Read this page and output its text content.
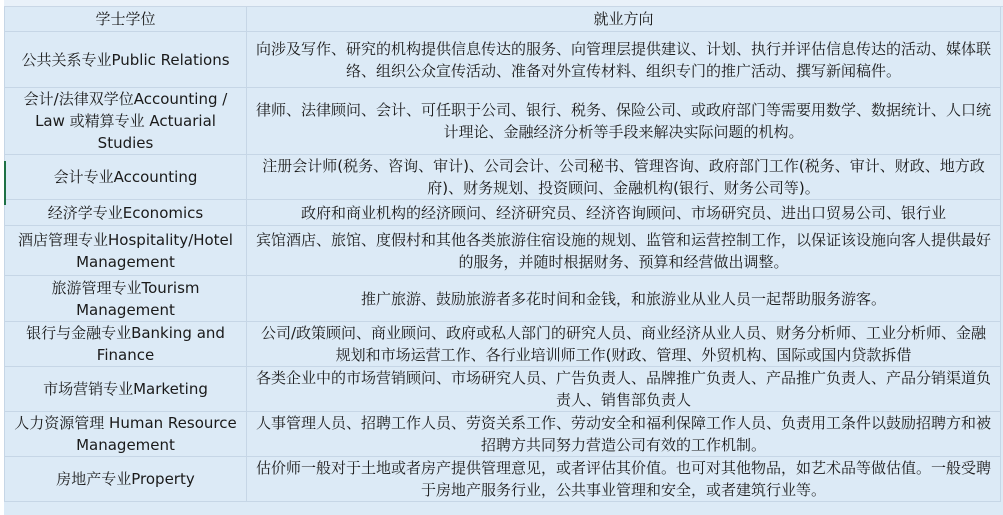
学士学位	就业方向
公共关系专业Public Relations	向涉及写作、研究的机构提供信息传达的服务、向管理层提供建议、计划、执行并评估信息传达的活动、媒体联络、组织公众宣传活动、准备对外宣传材料、组织专门的推广活动、撰写新闻稿件。
会计/法律双学位Accounting / Law 或精算专业 Actuarial Studies	律师、法律顾问、会计、可任职于公司、银行、税务、保险公司、或政府部门等需要用数学、数据统计、人口统计理论、金融经济分析等手段来解决实际问题的机构。
会计专业Accounting	注册会计师(税务、咨询、审计)、公司会计、公司秘书、管理咨询、政府部门工作(税务、审计、财政、地方政府)、财务规划、投资顾问、金融机构(银行、财务公司等)。
经济学专业Economics	政府和商业机构的经济顾问、经济研究员、经济咨询顾问、市场研究员、进出口贸易公司、银行业
酒店管理专业Hospitality/Hotel Management	宾馆酒店、旅馆、度假村和其他各类旅游住宿设施的规划、监管和运营控制工作，以保证该设施向客人提供最好的服务，并随时根据财务、预算和经营做出调整。
旅游管理专业Tourism Management	推广旅游、鼓励旅游者多花时间和金钱，和旅游业从业人员一起帮助服务游客。
银行与金融专业Banking and Finance	公司/政策顾问、商业顾问、政府或私人部门的研究人员、商业经济从业人员、财务分析师、工业分析师、金融规划和市场运营工作、各行业培训师工作(财政、管理、外贸机构、国际或国内贷款拆借
市场营销专业Marketing	各类企业中的市场营销顾问、市场研究人员、广告负责人、品牌推广负责人、产品推广负责人、产品分销渠道负责人、销售部负责人
人力资源管理 Human Resource Management	人事管理人员、招聘工作人员、劳资关系工作、劳动安全和福利保障工作人员、负责用工条件以鼓励招聘方和被招聘方共同努力营造公司有效的工作机制。
房地产专业Property	估价师一般对于土地或者房产提供管理意见，或者评估其价值。也可对其他物品，如艺术品等做估值。一般受聘于房地产服务行业，公共事业管理和安全，或者建筑行业等。
